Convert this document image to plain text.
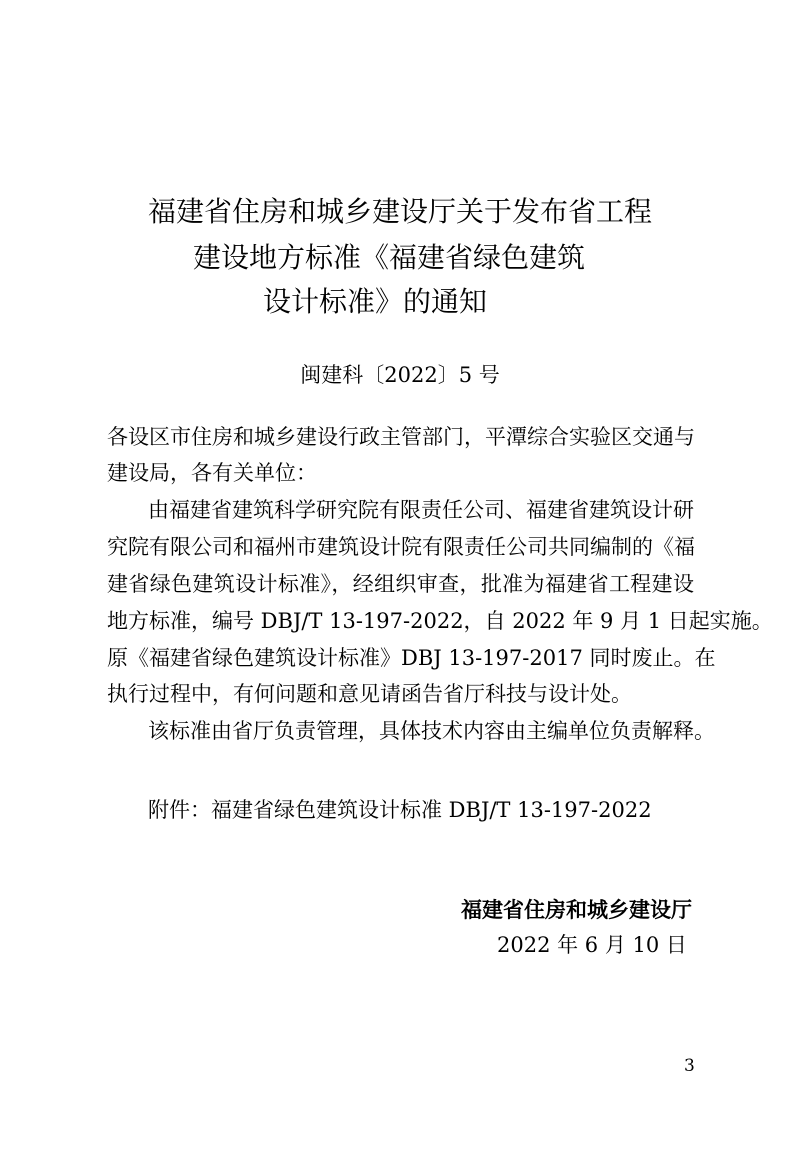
福建省住房和城乡建设厅关于发布省工程
建设地方标准《福建省绿色建筑
设计标准》的通知
闽建科〔2022〕5 号
各设区市住房和城乡建设行政主管部门，平潭综合实验区交通与
建设局，各有关单位：
由福建省建筑科学研究院有限责任公司、福建省建筑设计研
究院有限公司和福州市建筑设计院有限责任公司共同编制的《福
建省绿色建筑设计标准》，经组织审查，批准为福建省工程建设
地方标准，编号 DBJ/T 13-197-2022，自 2022 年 9 月 1 日起实施。
原《福建省绿色建筑设计标准》DBJ 13-197-2017 同时废止。在
执行过程中，有何问题和意见请函告省厅科技与设计处。
该标准由省厅负责管理，具体技术内容由主编单位负责解释。
附件：福建省绿色建筑设计标准 DBJ/T 13-197-2022
福建省住房和城乡建设厅
2022 年 6 月 10 日
3
